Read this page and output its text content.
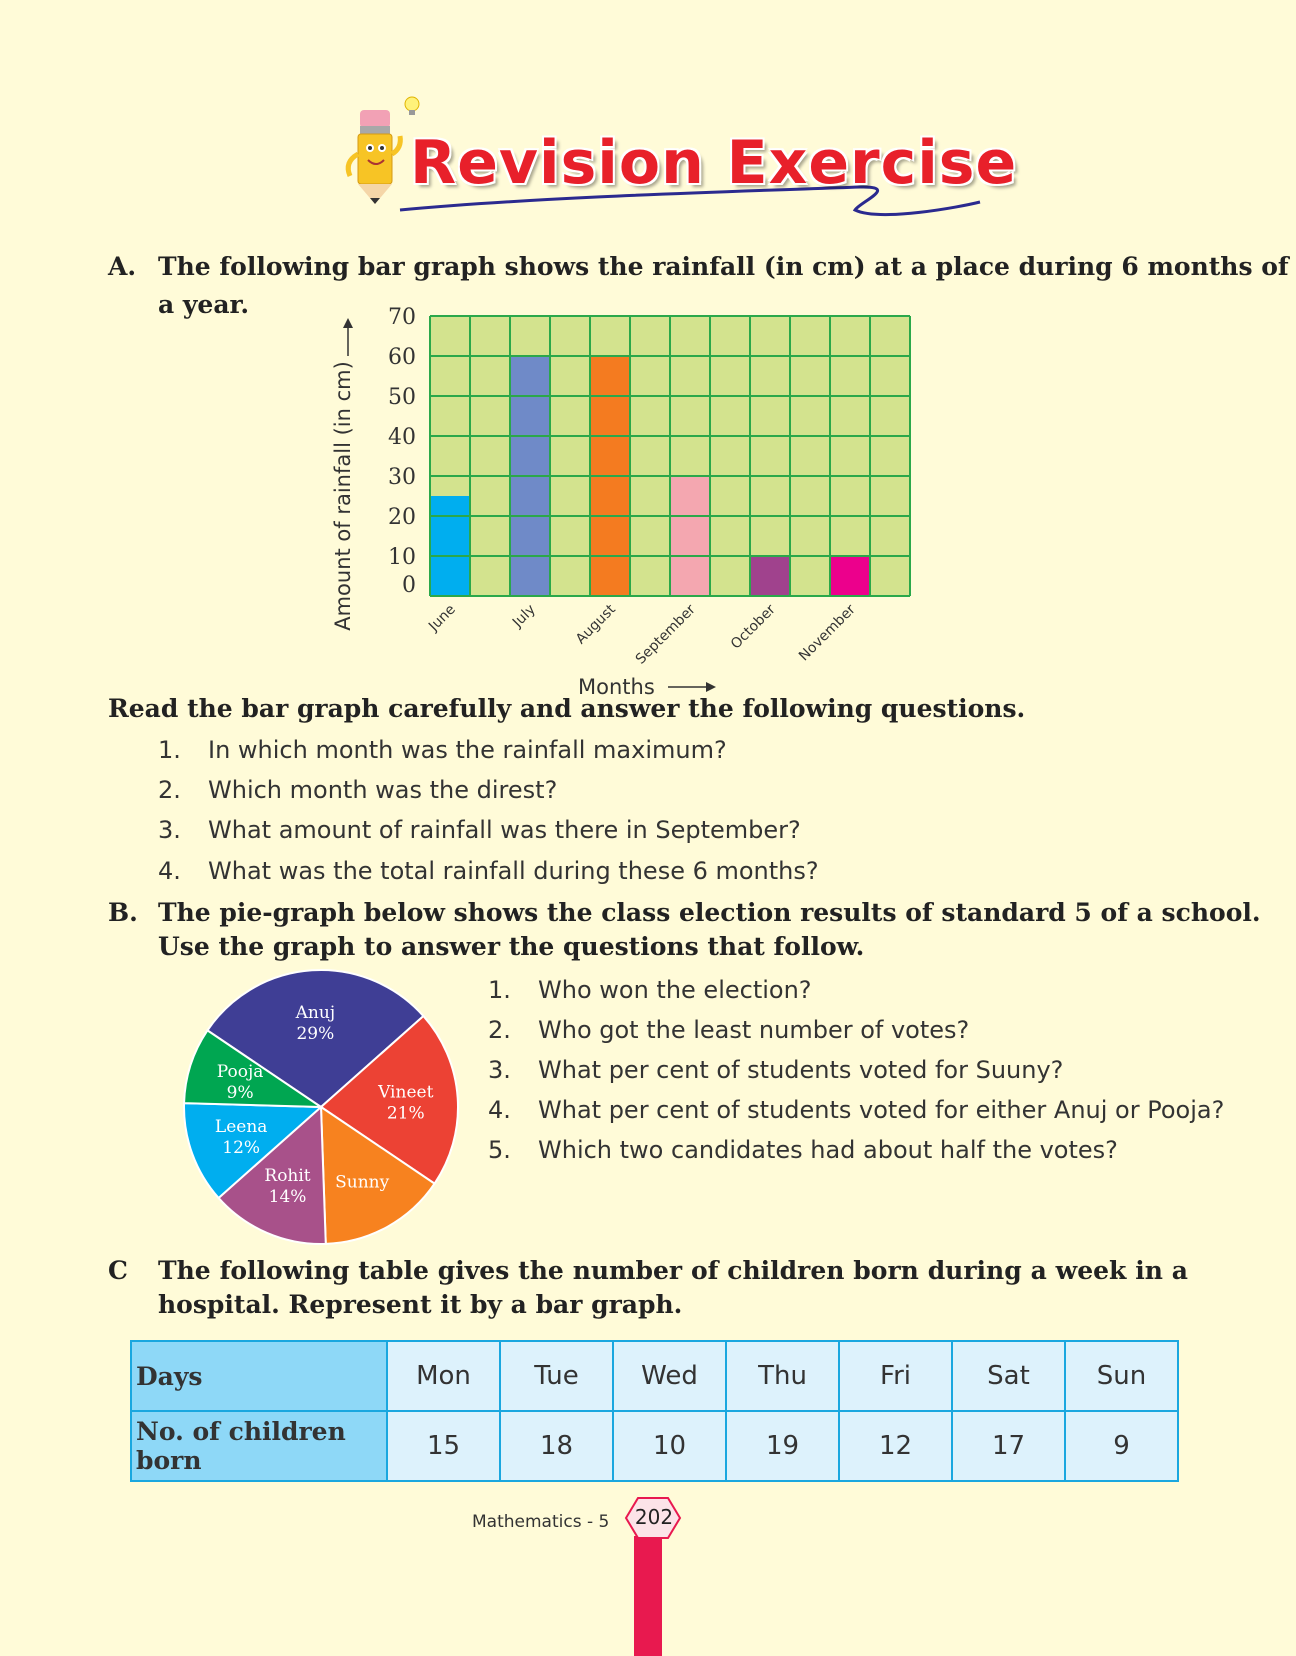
Revision Exercise
A. The following bar graph shows the rainfall (in cm) at a place during 6 months of
a year.
0
10
20
30
40
50
60
70
June	July August September October November
Amount of rainfall (in cm)
Months
Read the bar graph carefully and answer the following questions.
1. In which month was the rainfall maximum?
2. Which month was the direst?
3. What amount of rainfall was there in September?
4. What was the total rainfall during these 6 months?
B. The pie-graph below shows the class election results of standard 5 of a school.
Use the graph to answer the questions that follow.
Anuj
29%
Vineet
21%
Sunny
Rohit
14%
Leena
12%
Pooja
9%
1. Who won the election?
2. Who got the least number of votes?
3. What per cent of students voted for Suuny?
4. What per cent of students voted for either Anuj or Pooja?
5. Which two candidates had about half the votes?
C The following table gives the number of children born during a week in a
hospital. Represent it by a bar graph.
Days	Mon	Tue	Wed	Thu	Fri	Sat	Sun
No. of children born	15	18	10	19	12	17	9
Mathematics - 5	202
